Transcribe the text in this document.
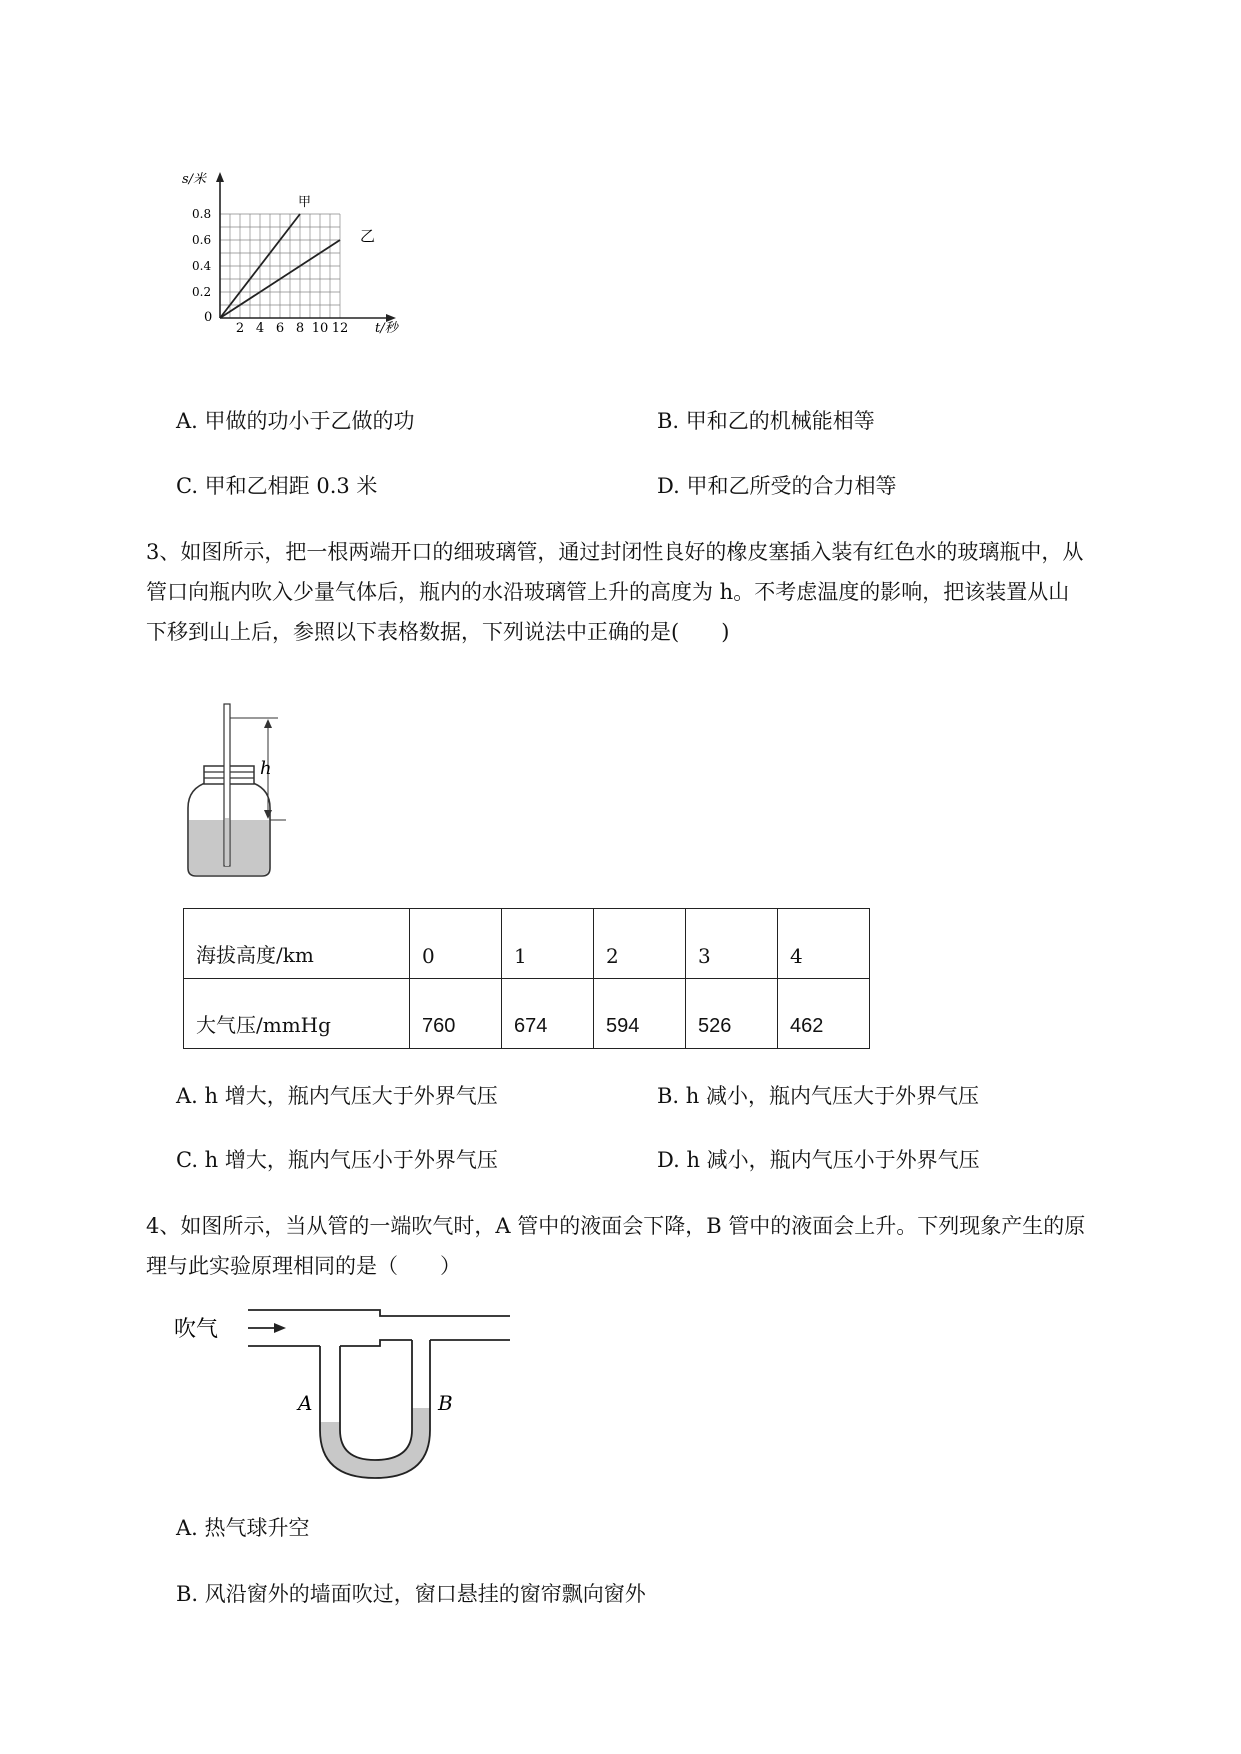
0.2
0.4
0.6
0.8
2 4 6 8 10 12
s/米
t/秒
0
甲
乙
A. 甲做的功小于乙做的功	B. 甲和乙的机械能相等
C. 甲和乙相距 0.3 米	D. 甲和乙所受的合力相等
3、如图所示，把一根两端开口的细玻璃管，通过封闭性良好的橡皮塞插入装有红色水的玻璃瓶中，从
管口向瓶内吹入少量气体后，瓶内的水沿玻璃管上升的高度为 h。不考虑温度的影响，把该装置从山
下移到山上后，参照以下表格数据，下列说法中正确的是(　　)
h
海拔高度/km	0	1	2	3	4
大气压/mmHg	760	674	594	526	462
A. h 增大，瓶内气压大于外界气压	B. h 减小，瓶内气压大于外界气压
C. h 增大，瓶内气压小于外界气压	D. h 减小，瓶内气压小于外界气压
4、如图所示，当从管的一端吹气时，A 管中的液面会下降，B 管中的液面会上升。下列现象产生的原
理与此实验原理相同的是（　　）
吹气
A	B
A. 热气球升空
B. 风沿窗外的墙面吹过，窗口悬挂的窗帘飘向窗外
